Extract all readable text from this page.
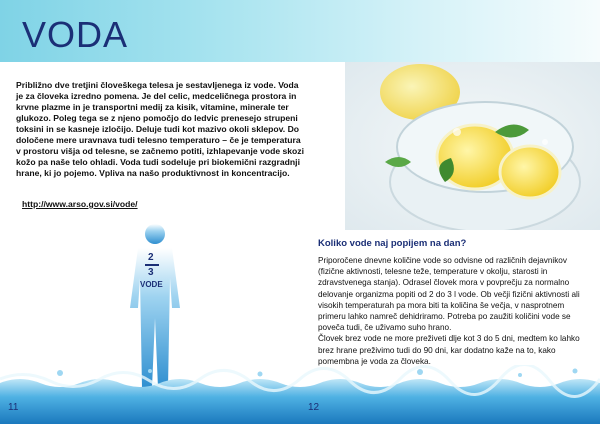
VODA

Približno dve tretjini človeškega telesa je sestavljenega iz vode. Voda je za človeka izredno pomena. Je del celic, medceličnega prostora in krvne plazme in je transportni medij za kisik, vitamine, minerale ter glukozo. Poleg tega se z njeno pomočjo do ledvic prenesejo strupeni toksini in se kasneje izločijo. Deluje tudi kot mazivo okoli sklepov. Do določene mere uravnava tudi telesno temperaturo – če je temperatura v prostoru višja od telesne, se začnemo potiti, izhlapevanje vode skozi kožo pa naše telo ohladi. Voda tudi sodeluje pri biokemični razgradnji hrane, ki jo pojemo. Vpliva na našo produktivnost in koncentracijo.

http://www.arso.gov.si/vode/
2
3
VODE
Koliko vode naj popijem na dan?

Priporočene dnevne količine vode so odvisne od različnih dejavnikov (fizične aktivnosti, telesne teže, temperature v okolju, starosti in zdravstvenega stanja). Odrasel človek mora v povprečju za normalno delovanje organizma popiti od 2 do 3 l vode. Ob večji fizični aktivnosti ali visokih temperaturah pa mora biti ta količina še večja, v nasprotnem primeru lahko namreč dehidriramo. Potreba po zaužiti količini vode se poveča tudi, če uživamo suho hrano.

Človek brez vode ne more preživeti dlje kot 3 do 5 dni, medtem ko lahko brez hrane preživimo tudi do 90 dni, kar dodatno kaže na to, kako pomembna je voda za človeka.

11	12
